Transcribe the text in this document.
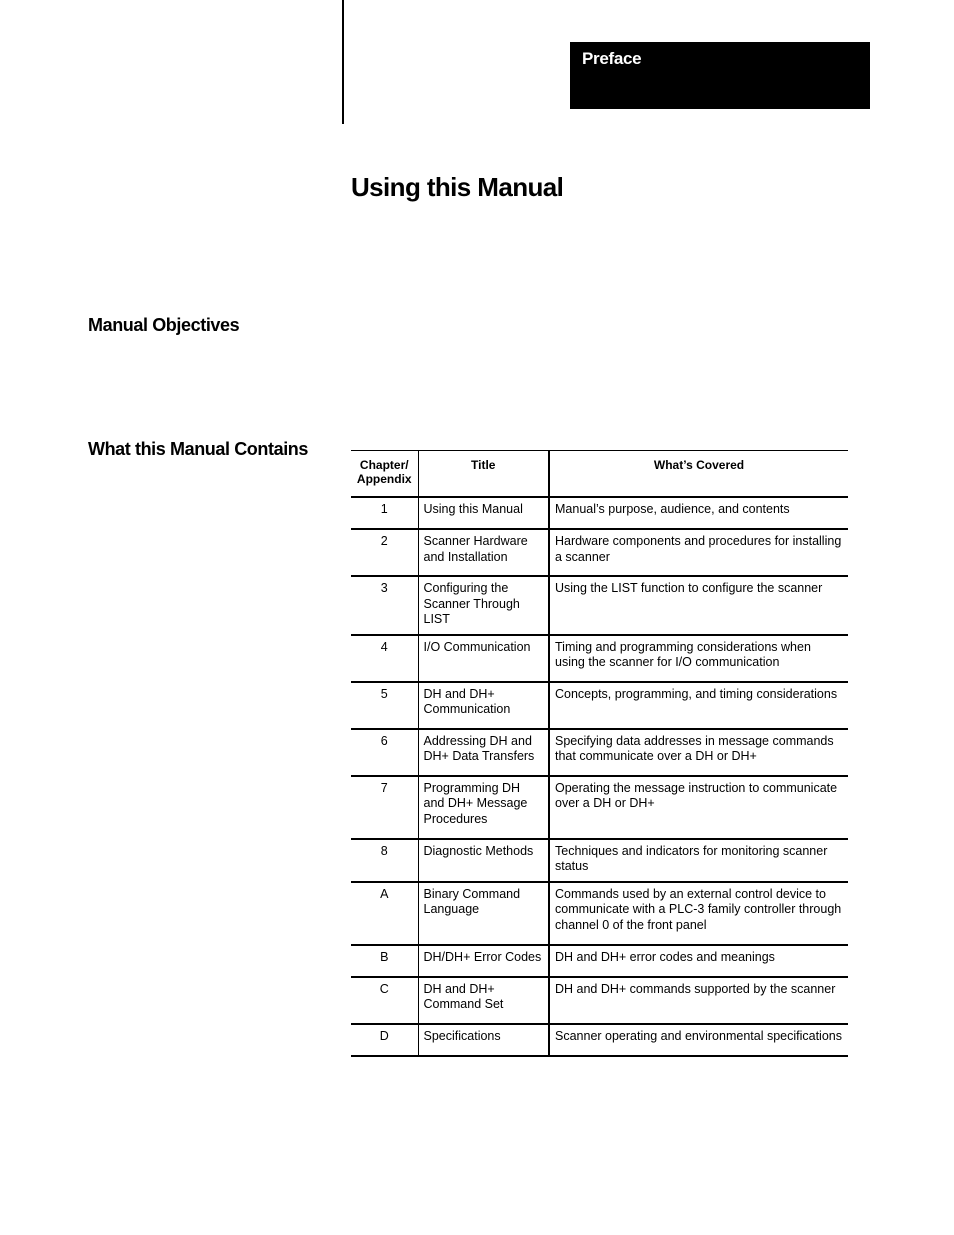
Preface
Using this Manual
Manual Objectives
What this Manual Contains
Chapter/
Appendix	Title	What’s Covered
1	Using this Manual	Manual’s purpose, audience, and contents
2	Scanner Hardware and Installation	Hardware components and procedures for installing a scanner
3	Configuring the Scanner Through LIST	Using the LIST function to configure the scanner
4	I/O Communication	Timing and programming considerations when using the scanner for I/O communication
5	DH and DH+ Communication	Concepts, programming, and timing considerations
6	Addressing DH and DH+ Data Transfers	Specifying data addresses in message commands that communicate over a DH or DH+
7	Programming DH and DH+ Message Procedures	Operating the message instruction to communicate over a DH or DH+
8	Diagnostic Methods	Techniques and indicators for monitoring scanner status
A	Binary Command Language	Commands used by an external control device to communicate with a PLC-3 family controller through channel 0 of the front panel
B	DH/DH+ Error Codes	DH and DH+ error codes and meanings
C	DH and DH+ Command Set	DH and DH+ commands supported by the scanner
D	Specifications	Scanner operating and environmental specifications
